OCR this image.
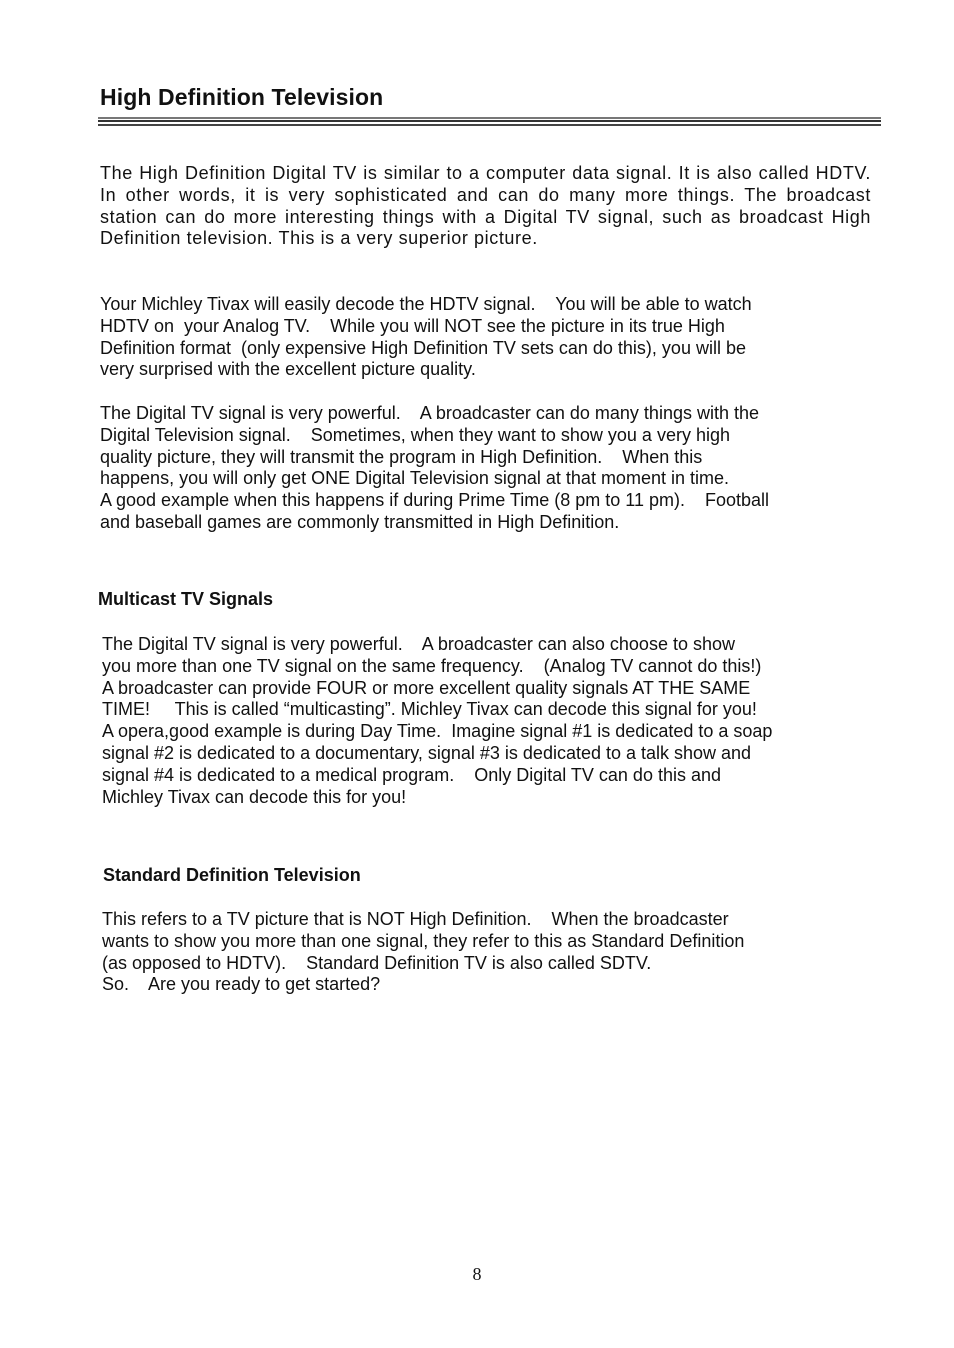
High Definition Television

The High Definition Digital TV is similar to a computer data signal. It is also called HDTV. In other words, it is very sophisticated and can do many more things. The broadcast station can do more interesting things with a Digital TV signal, such as broadcast High Definition television. This is a very superior picture.

Your Michley Tivax will easily decode the HDTV signal.    You will be able to watch
HDTV on  your Analog TV.    While you will NOT see the picture in its true High
Definition format  (only expensive High Definition TV sets can do this), you will be
very surprised with the excellent picture quality.
The Digital TV signal is very powerful.    A broadcaster can do many things with the
Digital Television signal.    Sometimes, when they want to show you a very high
quality picture, they will transmit the program in High Definition.    When this
happens, you will only get ONE Digital Television signal at that moment in time.
A good example when this happens if during Prime Time (8 pm to 11 pm).    Football
and baseball games are commonly transmitted in High Definition.
Multicast TV Signals
The Digital TV signal is very powerful.    A broadcaster can also choose to show
you more than one TV signal on the same frequency.    (Analog TV cannot do this!)
A broadcaster can provide FOUR or more excellent quality signals AT THE SAME
TIME!     This is called “multicasting”. Michley Tivax can decode this signal for you!
A opera,good example is during Day Time.  Imagine signal #1 is dedicated to a soap
signal #2 is dedicated to a documentary, signal #3 is dedicated to a talk show and
signal #4 is dedicated to a medical program.    Only Digital TV can do this and
Michley Tivax can decode this for you!
Standard Definition Television
This refers to a TV picture that is NOT High Definition.    When the broadcaster
wants to show you more than one signal, they refer to this as Standard Definition
(as opposed to HDTV).    Standard Definition TV is also called SDTV.
So.    Are you ready to get started?
8
